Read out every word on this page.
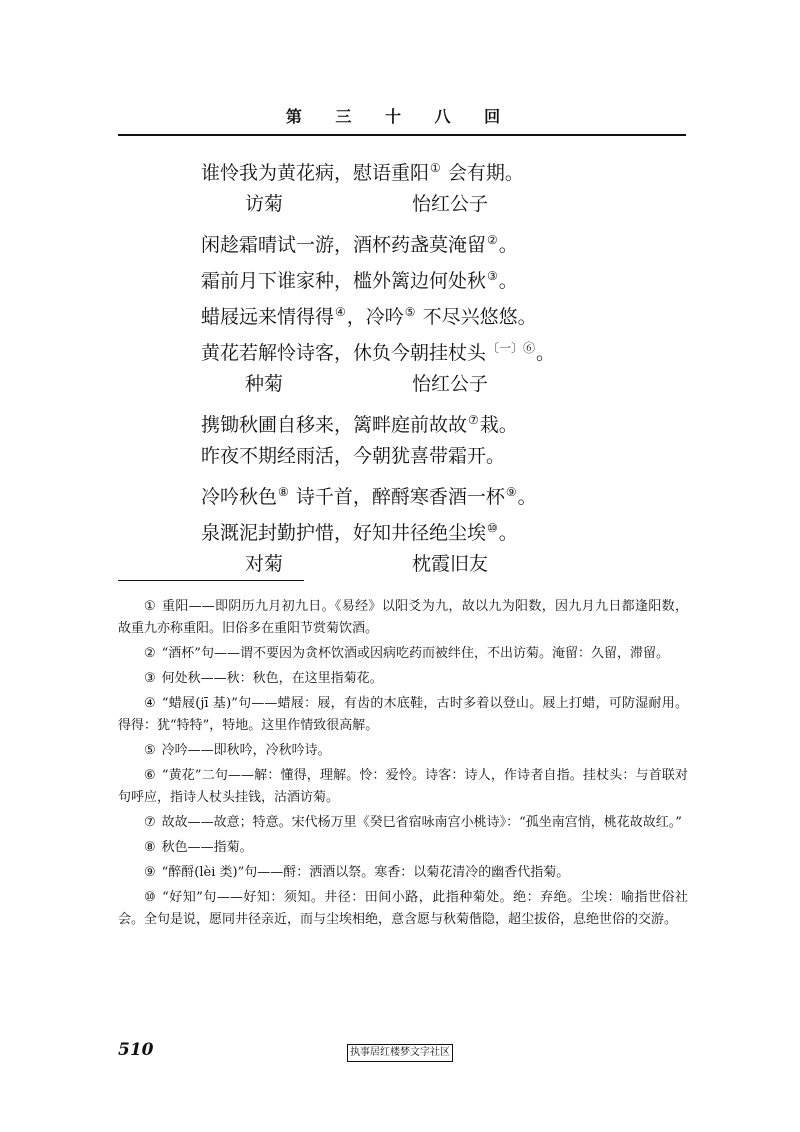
第 三 十 八 回
谁怜我为黄花病，慰语重阳① 会有期。
访菊	怡红公子
闲趁霜晴试一游，酒杯药盏莫淹留②。
霜前月下谁家种，槛外篱边何处秋③。
蜡屐远来情得得④，冷吟⑤ 不尽兴悠悠。
黄花若解怜诗客，休负今朝挂杖头$^{〔一〕⑥}$。
种菊	怡红公子
携锄秋圃自移来，篱畔庭前故故⑦栽。
昨夜不期经雨活，今朝犹喜带霜开。
冷吟秋色⑧ 诗千首，醉酹寒香酒一杯⑨。
泉溉泥封勤护惜，好知井径绝尘埃⑩。
对菊	枕霞旧友
① 重阳——即阴历九月初九日。《易经》以阳爻为九，故以九为阳数，因九月九日都逢阳数，故重九亦称重阳。旧俗多在重阳节赏菊饮酒。
② “酒杯”句——谓不要因为贪杯饮酒或因病吃药而被绊住，不出访菊。淹留：久留，滞留。
③ 何处秋——秋：秋色，在这里指菊花。
④ “蜡屐(jī 基)”句——蜡屐：屐，有齿的木底鞋，古时多着以登山。屐上打蜡，可防湿耐用。得得：犹“特特”，特地。这里作情致很高解。
⑤ 冷吟——即秋吟，冷秋吟诗。
⑥ “黄花”二句——解：懂得，理解。怜：爱怜。诗客：诗人，作诗者自指。挂杖头：与首联对句呼应，指诗人杖头挂钱，沽酒访菊。
⑦ 故故——故意；特意。宋代杨万里《癸巳省宿咏南宫小桃诗》：“孤坐南宫悄，桃花故故红。”
⑧ 秋色——指菊。
⑨ “醉酹(lèi 类)”句——酹：洒酒以祭。寒香：以菊花清冷的幽香代指菊。
⑩ “好知”句——好知：须知。井径：田间小路，此指种菊处。绝：弃绝。尘埃：喻指世俗社会。全句是说，愿同井径亲近，而与尘埃相绝，意含愿与秋菊偕隐，超尘拔俗，息绝世俗的交游。
510	执事居红楼梦文字社区
